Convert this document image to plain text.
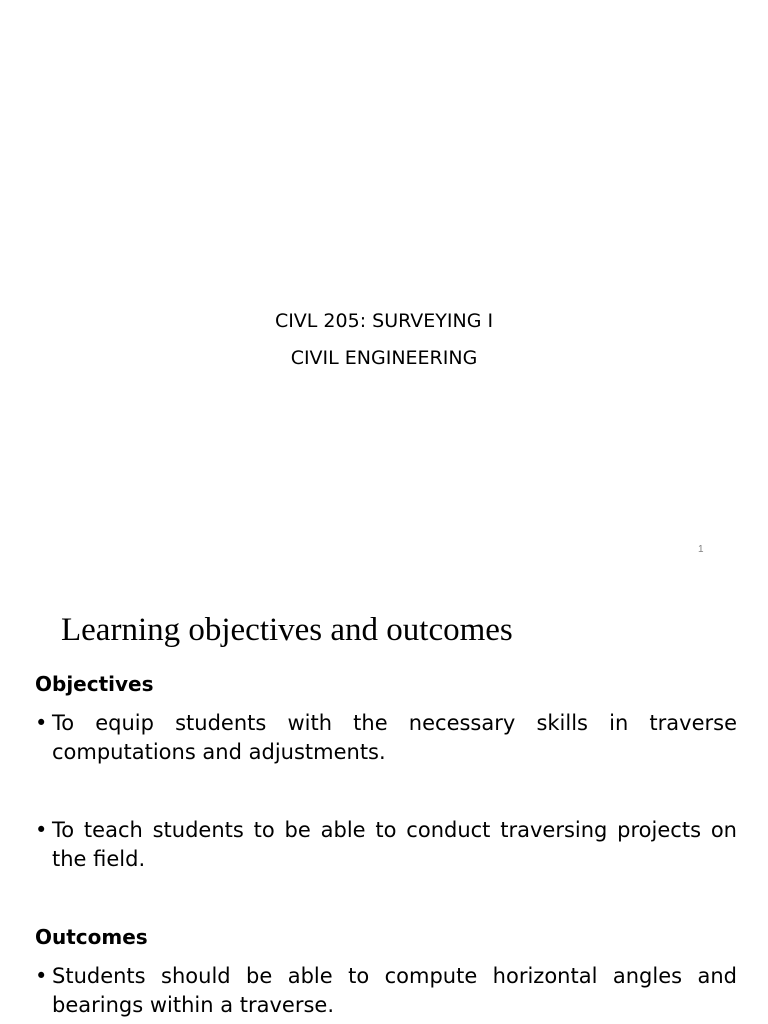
CIVL 205: SURVEYING I

CIVIL ENGINEERING

1
Learning objectives and outcomes

Objectives

• To equip students with the necessary skills in traverse computations and adjustments.

• To teach students to be able to conduct traversing projects on the field.

Outcomes

• Students should be able to compute horizontal angles and bearings within a traverse.
